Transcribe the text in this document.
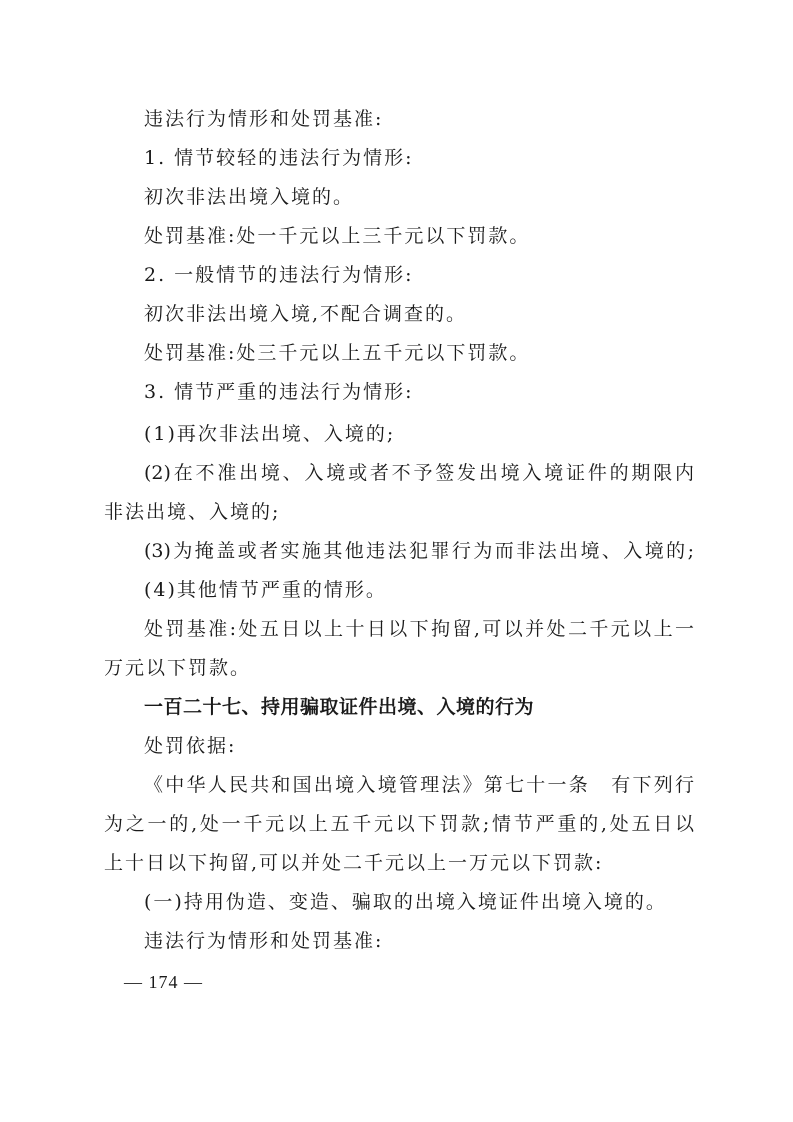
违法行为情形和处罚基准:
1. 情节较轻的违法行为情形:
初次非法出境入境的。
处罚基准:处一千元以上三千元以下罚款。
2. 一般情节的违法行为情形:
初次非法出境入境,不配合调查的。
处罚基准:处三千元以上五千元以下罚款。
3. 情节严重的违法行为情形:
(1)再次非法出境、入境的;
(2)在不准出境、入境或者不予签发出境入境证件的期限内
非法出境、入境的;
(3)为掩盖或者实施其他违法犯罪行为而非法出境、入境的;
(4)其他情节严重的情形。
处罚基准:处五日以上十日以下拘留,可以并处二千元以上一
万元以下罚款。
一百二十七、持用骗取证件出境、入境的行为
处罚依据:
《中华人民共和国出境入境管理法》第七十一条　有下列行
为之一的,处一千元以上五千元以下罚款;情节严重的,处五日以
上十日以下拘留,可以并处二千元以上一万元以下罚款:
(一)持用伪造、变造、骗取的出境入境证件出境入境的。
违法行为情形和处罚基准:
— 174 —
